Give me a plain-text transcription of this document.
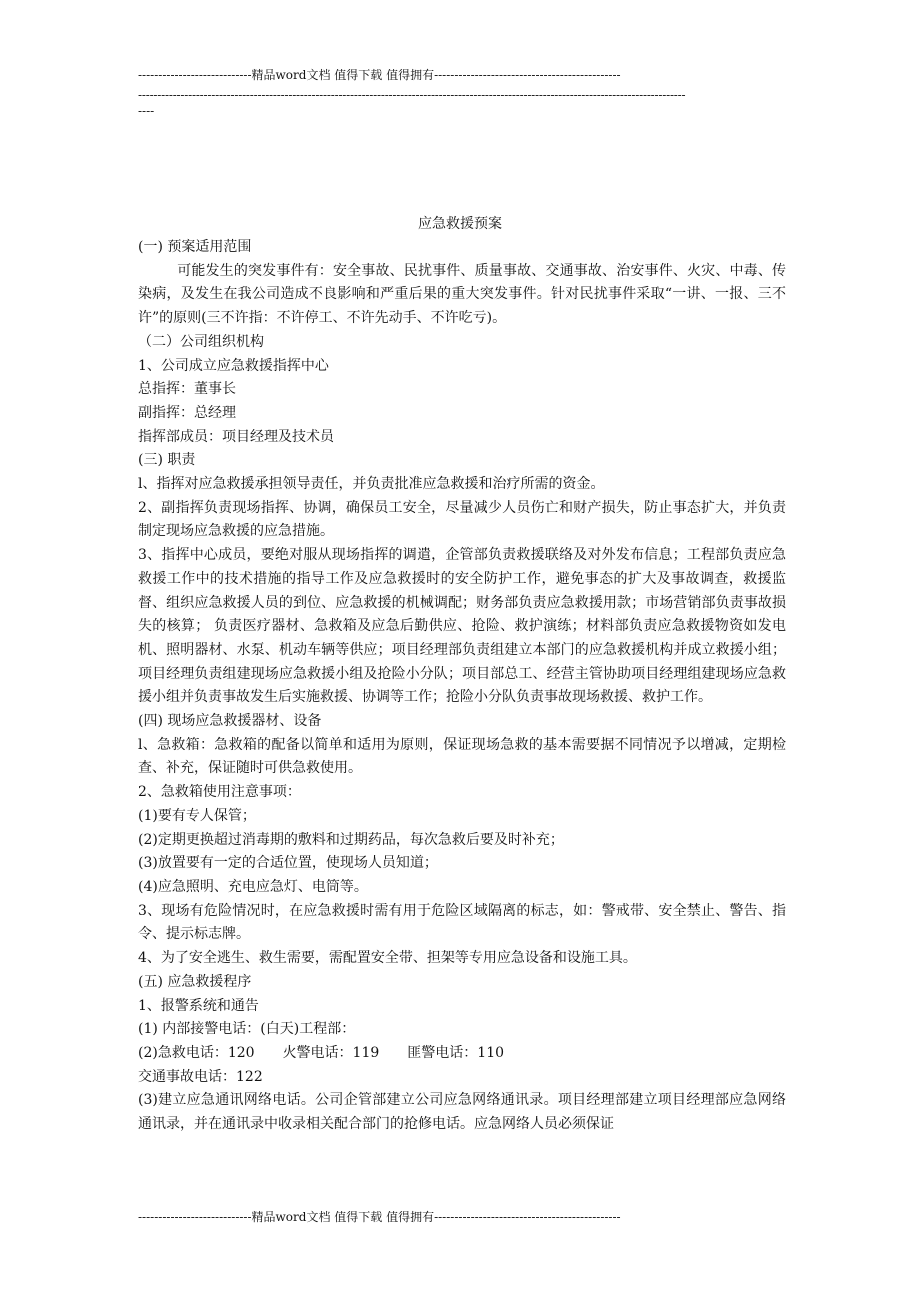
----------------------------精品word文档 值得下载 值得拥有----------------------------------------------
----------------------------------------------------------------------------------------------------------------------------------------------
----
应急救援预案

(一) 预案适用范围

可能发生的突发事件有：安全事故、民扰事件、质量事故、交通事故、治安事件、火灾、中毒、传染病，及发生在我公司造成不良影响和严重后果的重大突发事件。针对民扰事件采取“一讲、一报、三不许”的原则(三不许指：不许停工、不许先动手、不许吃亏)。

（二）公司组织机构

1、公司成立应急救援指挥中心

总指挥：董事长

副指挥：总经理

指挥部成员：项目经理及技术员

(三) 职责

l、指挥对应急救援承担领导责任，并负责批准应急救援和治疗所需的资金。

2、副指挥负责现场指挥、协调，确保员工安全，尽量减少人员伤亡和财产损失，防止事态扩大，并负责制定现场应急救援的应急措施。

3、指挥中心成员，要绝对服从现场指挥的调遣，企管部负责救援联络及对外发布信息；工程部负责应急救援工作中的技术措施的指导工作及应急救援时的安全防护工作，避免事态的扩大及事故调查，救援监督、组织应急救援人员的到位、应急救援的机械调配；财务部负责应急救援用款；市场营销部负责事故损失的核算； 负责医疗器材、急救箱及应急后勤供应、抢险、救护演练；材料部负责应急救援物资如发电机、照明器材、水泵、机动车辆等供应；项目经理部负责组建立本部门的应急救援机构并成立救援小组；项目经理负责组建现场应急救援小组及抢险小分队；项目部总工、经营主管协助项目经理组建现场应急救援小组并负责事故发生后实施救援、协调等工作；抢险小分队负责事故现场救援、救护工作。

(四) 现场应急救援器材、设备

l、急救箱：急救箱的配备以简单和适用为原则，保证现场急救的基本需要据不同情况予以增减，定期检查、补充，保证随时可供急救使用。

2、急救箱使用注意事项：

(1)要有专人保管；

(2)定期更换超过消毒期的敷料和过期药品，每次急救后要及时补充；

(3)放置要有一定的合适位置，使现场人员知道；

(4)应急照明、充电应急灯、电筒等。

3、现场有危险情况时，在应急救援时需有用于危险区域隔离的标志，如：警戒带、安全禁止、警告、指令、提示标志牌。

4、为了安全逃生、救生需要，需配置安全带、担架等专用应急设备和设施工具。

(五) 应急救援程序

1、报警系统和通告

(1) 内部接警电话：(白天)工程部：

(2)急救电话：120 火警电话：119 匪警电话：110

交通事故电话：122

(3)建立应急通讯网络电话。公司企管部建立公司应急网络通讯录。项目经理部建立项目经理部应急网络通讯录，并在通讯录中收录相关配合部门的抢修电话。应急网络人员必须保证

----------------------------精品word文档 值得下载 值得拥有----------------------------------------------
